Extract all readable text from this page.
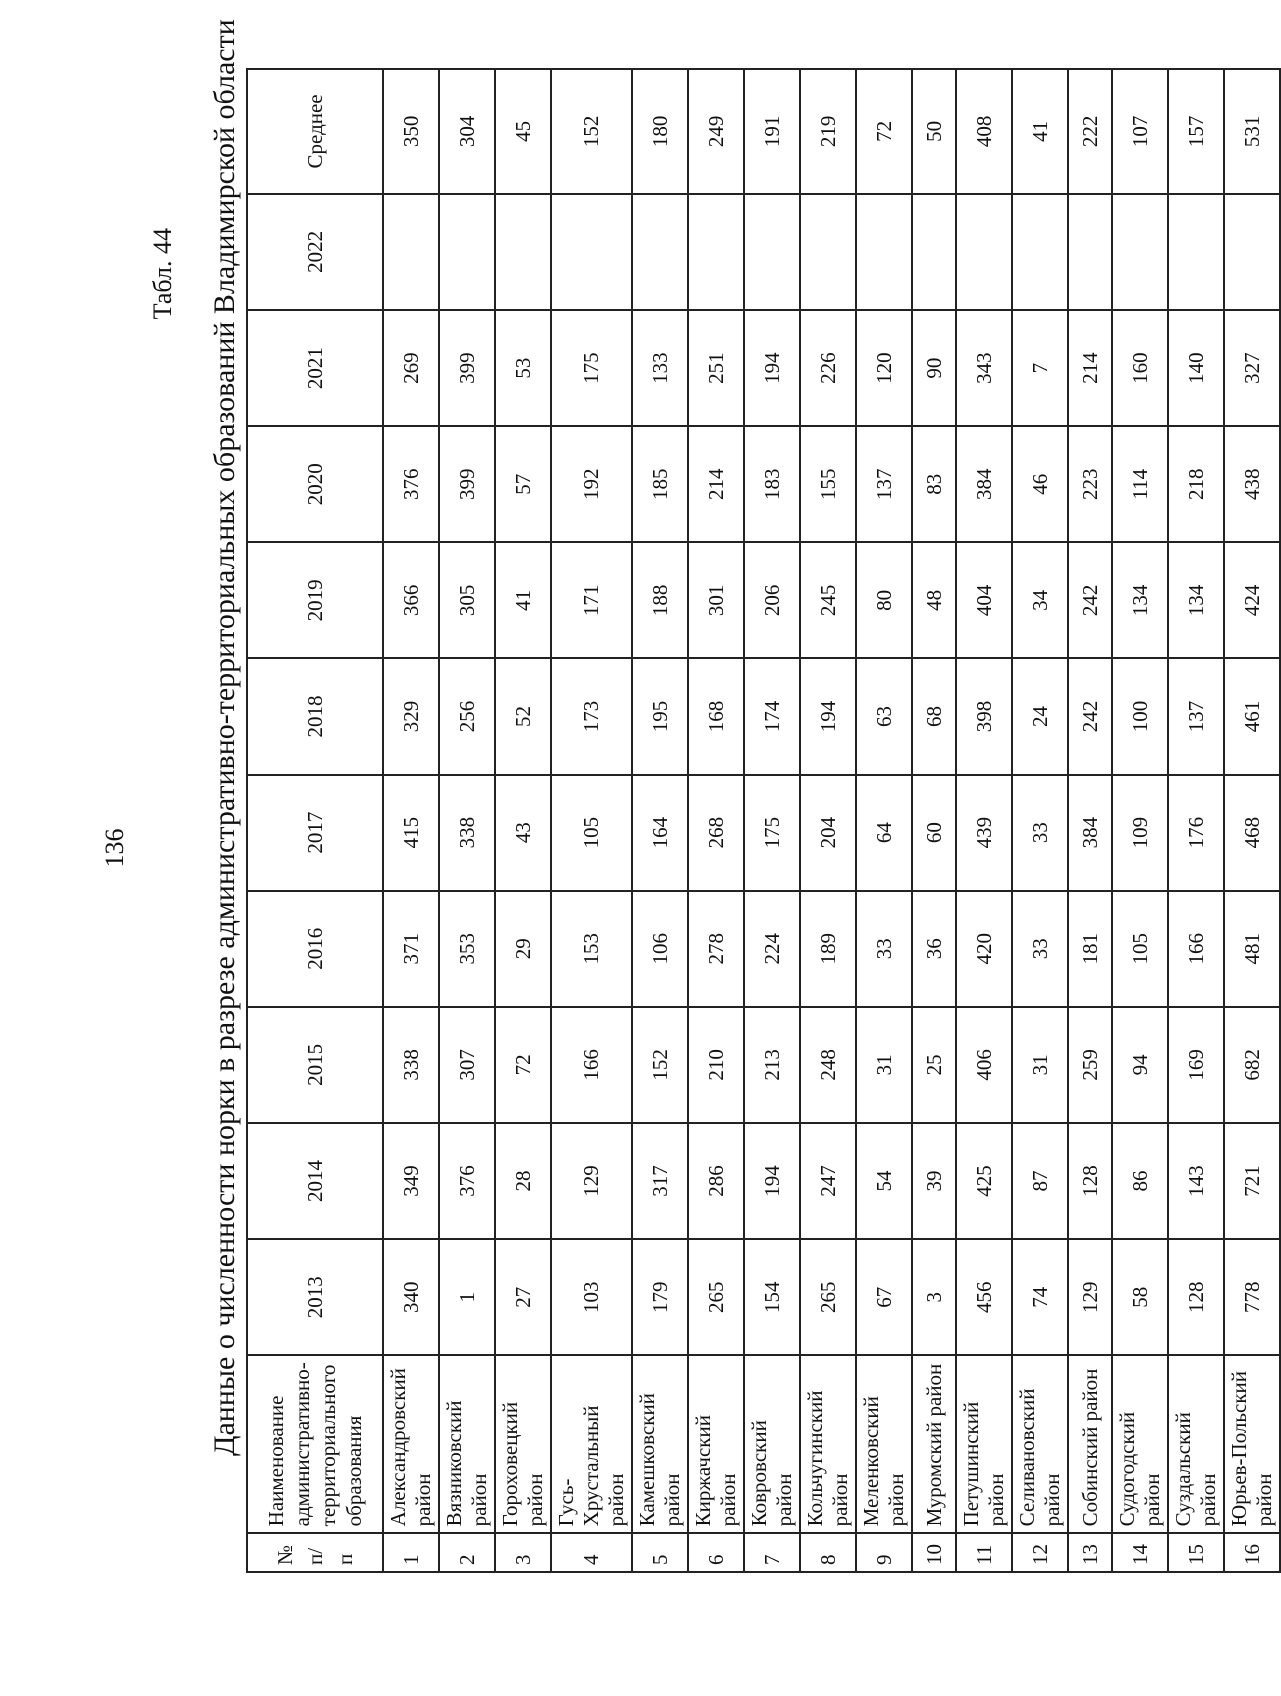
136
Табл. 44 Данные о численности норки в разрезе административно-территориальных образований Владимирской области
№ п/п	Наименование административно-территориального образования	2013	2014	2015	2016	2017	2018	2019	2020	2021	2022	Среднее
1	Александровский район	340	349	338	371	415	329	366	376	269		350
2	Вязниковский район	1	376	307	353	338	256	305	399	399		304
3	Гороховецкий район	27	28	72	29	43	52	41	57	53		45
4	Гусь-Хрустальный район	103	129	166	153	105	173	171	192	175		152
5	Камешковский район	179	317	152	106	164	195	188	185	133		180
6	Киржачский район	265	286	210	278	268	168	301	214	251		249
7	Ковровский район	154	194	213	224	175	174	206	183	194		191
8	Кольчугинский район	265	247	248	189	204	194	245	155	226		219
9	Меленковский район	67	54	31	33	64	63	80	137	120		72
10	Муромский район	3	39	25	36	60	68	48	83	90		50
11	Петушинский район	456	425	406	420	439	398	404	384	343		408
12	Селивановский район	74	87	31	33	33	24	34	46	7		41
13	Собинский район	129	128	259	181	384	242	242	223	214		222
14	Судогодский район	58	86	94	105	109	100	134	114	160		107
15	Суздальский район	128	143	169	166	176	137	134	218	140		157
16	Юрьев-Польский район	778	721	682	481	468	461	424	438	327		531
